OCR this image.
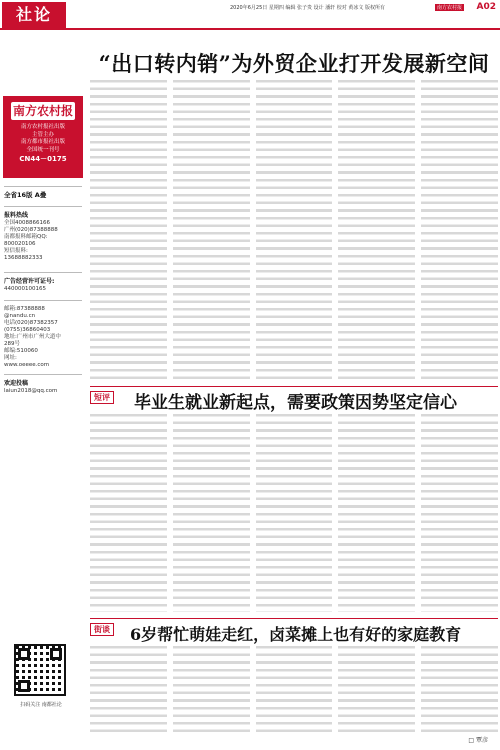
社论	2020年6月25日 星期四 编辑 张子贵 设计 潘轩 校对 黄冰文 版权所有	南方农村报 A02
南方农村报
南方农村报社出版
主管主办
南方都市报社出版
全国统一刊号
CN44－0175
全省16版 A叠
报料热线
全国4008866166
广州(020)87388888
南都报料邮箱QQ:
800020106
短信报料:
13688882333
广告经营许可证号:
440000100165
邮箱:87388888
@nandu.cn
电话(020)87382357
(0755)36860403
地址:广州市广州大道中
289号
邮编:510060
网址:
www.oeeee.com
欢迎投稿
laiun2018@qq.com
扫码关注 南都社论
“出口转内销”为外贸企业打开发展新空间

短评 毕业生就业新起点，需要政策因势坚定信心

街谈 6岁帮忙萌娃走红，卤菜摊上也有好的家庭教育

□ 覃彦
